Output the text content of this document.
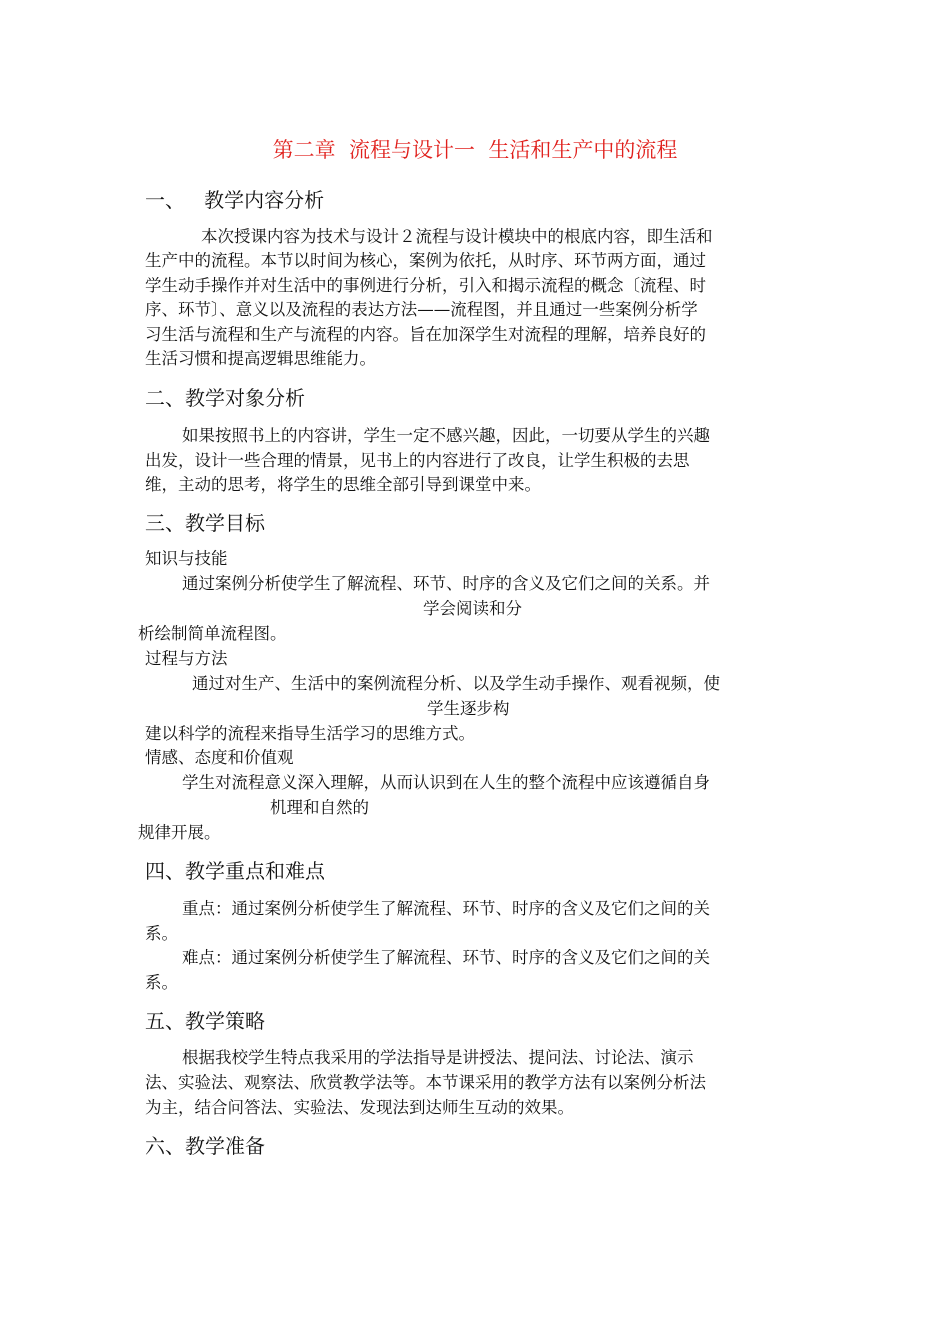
第二章  流程与设计一  生活和生产中的流程
一、   教学内容分析
本次授课内容为技术与设计２流程与设计模块中的根底内容，即生活和
生产中的流程。本节以时间为核心，案例为依托，从时序、环节两方面，通过
学生动手操作并对生活中的事例进行分析，引入和揭示流程的概念〔流程、时
序、环节〕、意义以及流程的表达方法——流程图，并且通过一些案例分析学
习生活与流程和生产与流程的内容。旨在加深学生对流程的理解，培养良好的
生活习惯和提高逻辑思维能力。
二、教学对象分析
如果按照书上的内容讲，学生一定不感兴趣，因此，一切要从学生的兴趣
出发，设计一些合理的情景，见书上的内容进行了改良，让学生积极的去思
维，主动的思考，将学生的思维全部引导到课堂中来。
三、教学目标
知识与技能
通过案例分析使学生了解流程、环节、时序的含义及它们之间的关系。并
学会阅读和分
析绘制简单流程图。
过程与方法
通过对生产、生活中的案例流程分析、以及学生动手操作、观看视频，使
学生逐步构
建以科学的流程来指导生活学习的思维方式。
情感、态度和价值观
学生对流程意义深入理解，从而认识到在人生的整个流程中应该遵循自身
机理和自然的
规律开展。
四、教学重点和难点
重点：通过案例分析使学生了解流程、环节、时序的含义及它们之间的关
系。
难点：通过案例分析使学生了解流程、环节、时序的含义及它们之间的关
系。
五、教学策略
根据我校学生特点我采用的学法指导是讲授法、提问法、讨论法、演示
法、实验法、观察法、欣赏教学法等。本节课采用的教学方法有以案例分析法
为主，结合问答法、实验法、发现法到达师生互动的效果。
六、教学准备
